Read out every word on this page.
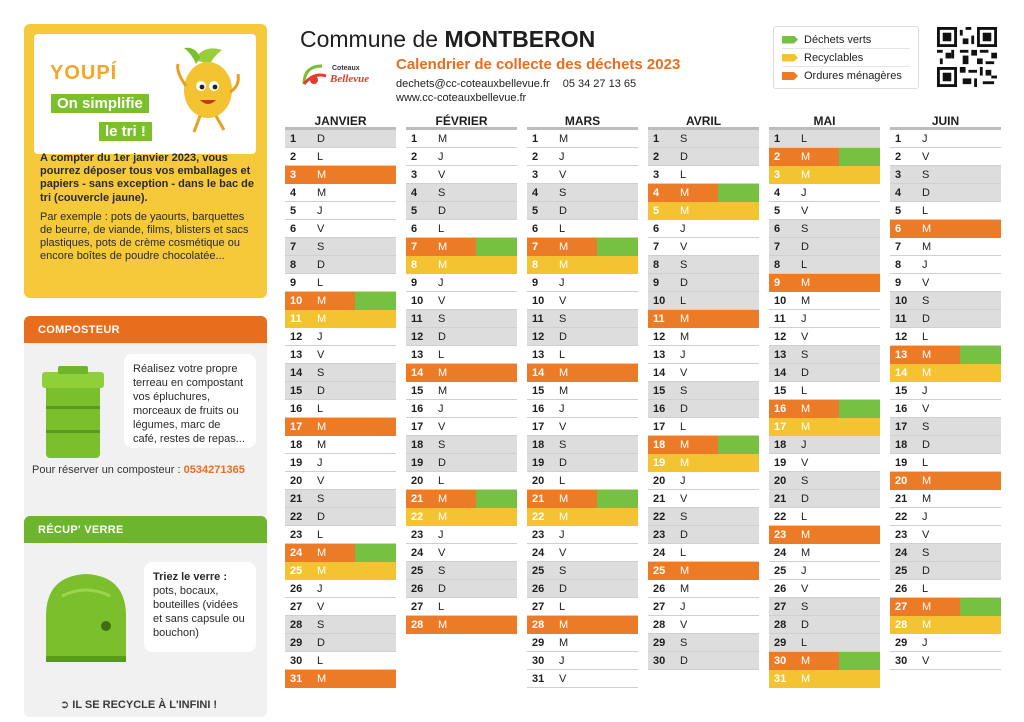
YOUPÍ
On simplifie
le tri !

A compter du 1er janvier 2023, vous pourrez déposer tous vos emballages et papiers - sans exception - dans le bac de tri (couvercle jaune).

Par exemple : pots de yaourts, barquettes de beurre, de viande, films, blisters et sacs plastiques, pots de crème cosmétique ou encore boîtes de poudre chocolatée...

COMPOSTEUR
Réalisez votre propre terreau en compostant vos épluchures, morceaux de fruits ou légumes, marc de café, restes de repas...
Pour réserver un composteur : 0534271365
RÉCUP' VERRE
Triez le verre :
pots, bocaux, bouteilles (vidées et sans capsule ou bouchon)
➲ IL SE RECYCLE À L'INFINI !
Commune de MONTBERON
Coteaux
Bellevue
Calendrier de collecte des déchets 2023
dechets@cc-coteauxbellevue.fr 05 34 27 13 65
www.cc-coteauxbellevue.fr
Déchets verts
Recyclables
Ordures ménagères
JANVIER
1	D
2	L
3	M
4	M
5	J
6	V
7	S
8	D
9	L
10	M
11	M
12	J
13	V
14	S
15	D
16	L
17	M
18	M
19	J
20	V
21	S
22	D
23	L
24	M
25	M
26	J
27	V
28	S
29	D
30	L
31	M
FÉVRIER
1	M
2	J
3	V
4	S
5	D
6	L
7	M
8	M
9	J
10	V
11	S
12	D
13	L
14	M
15	M
16	J
17	V
18	S
19	D
20	L
21	M
22	M
23	J
24	V
25	S
26	D
27	L
28	M
MARS
1	M
2	J
3	V
4	S
5	D
6	L
7	M
8	M
9	J
10	V
11	S
12	D
13	L
14	M
15	M
16	J
17	V
18	S
19	D
20	L
21	M
22	M
23	J
24	V
25	S
26	D
27	L
28	M
29	M
30	J
31	V
AVRIL
1	S
2	D
3	L
4	M
5	M
6	J
7	V
8	S
9	D
10	L
11	M
12	M
13	J
14	V
15	S
16	D
17	L
18	M
19	M
20	J
21	V
22	S
23	D
24	L
25	M
26	M
27	J
28	V
29	S
30	D
MAI
1	L
2	M
3	M
4	J
5	V
6	S
7	D
8	L
9	M
10	M
11	J
12	V
13	S
14	D
15	L
16	M
17	M
18	J
19	V
20	S
21	D
22	L
23	M
24	M
25	J
26	V
27	S
28	D
29	L
30	M
31	M
JUIN
1	J
2	V
3	S
4	D
5	L
6	M
7	M
8	J
9	V
10	S
11	D
12	L
13	M
14	M
15	J
16	V
17	S
18	D
19	L
20	M
21	M
22	J
23	V
24	S
25	D
26	L
27	M
28	M
29	J
30	V
